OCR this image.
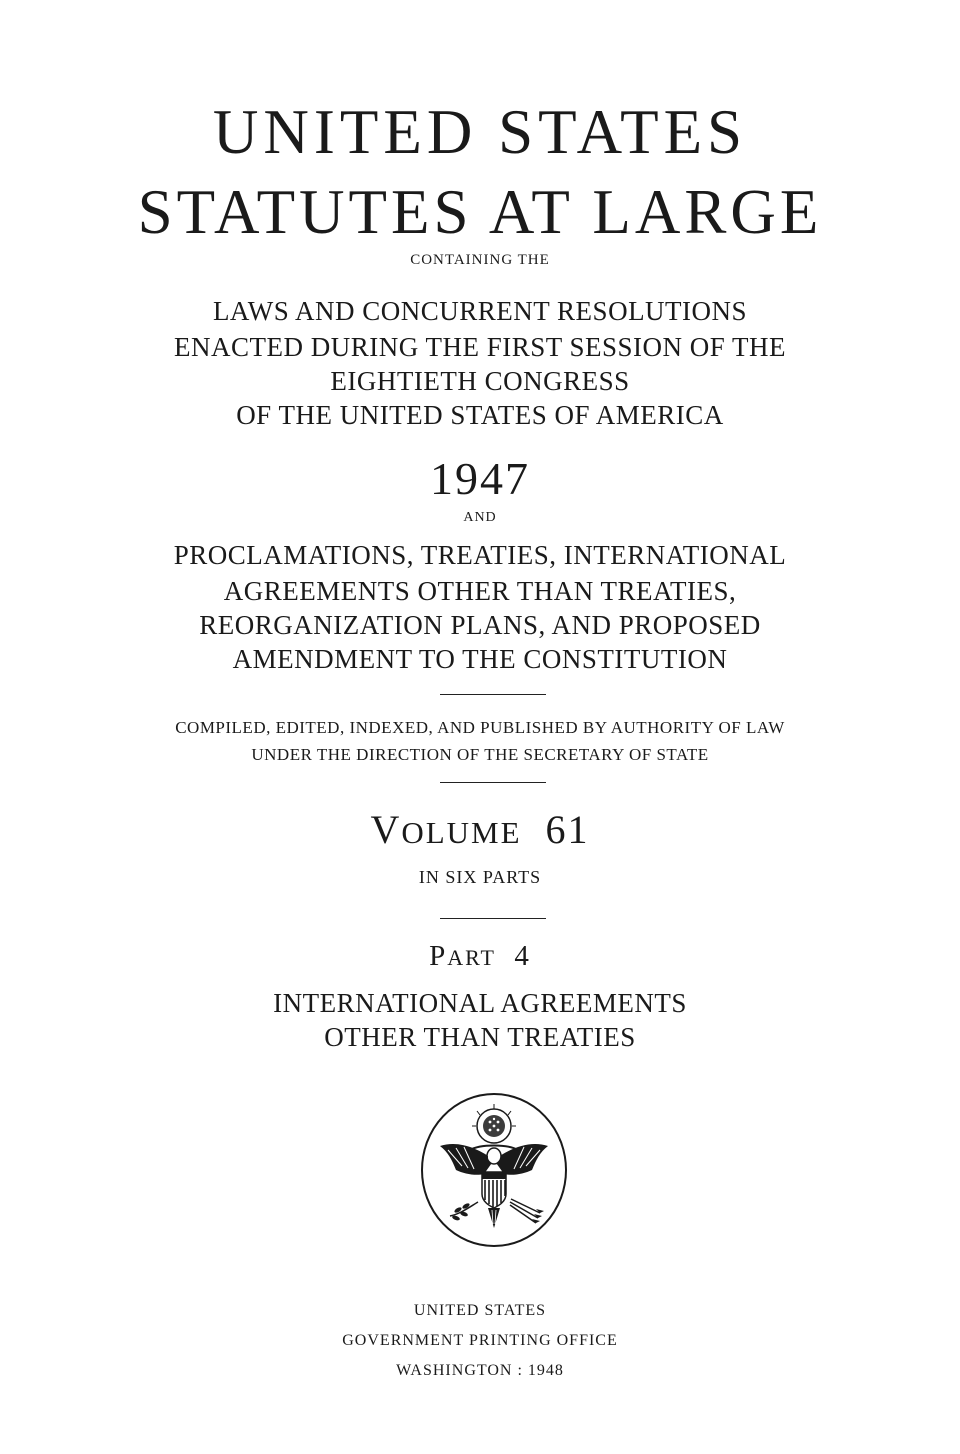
UNITED STATES
STATUTES AT LARGE
CONTAINING THE
LAWS AND CONCURRENT RESOLUTIONS
ENACTED DURING THE FIRST SESSION OF THE
EIGHTIETH CONGRESS
OF THE UNITED STATES OF AMERICA
1947
AND
PROCLAMATIONS, TREATIES, INTERNATIONAL
AGREEMENTS OTHER THAN TREATIES,
REORGANIZATION PLANS, AND PROPOSED
AMENDMENT TO THE CONSTITUTION
COMPILED, EDITED, INDEXED, AND PUBLISHED BY AUTHORITY OF LAW
UNDER THE DIRECTION OF THE SECRETARY OF STATE
VOLUME 61
IN SIX PARTS
PART 4
INTERNATIONAL AGREEMENTS
OTHER THAN TREATIES
UNITED STATES
GOVERNMENT PRINTING OFFICE
WASHINGTON : 1948
